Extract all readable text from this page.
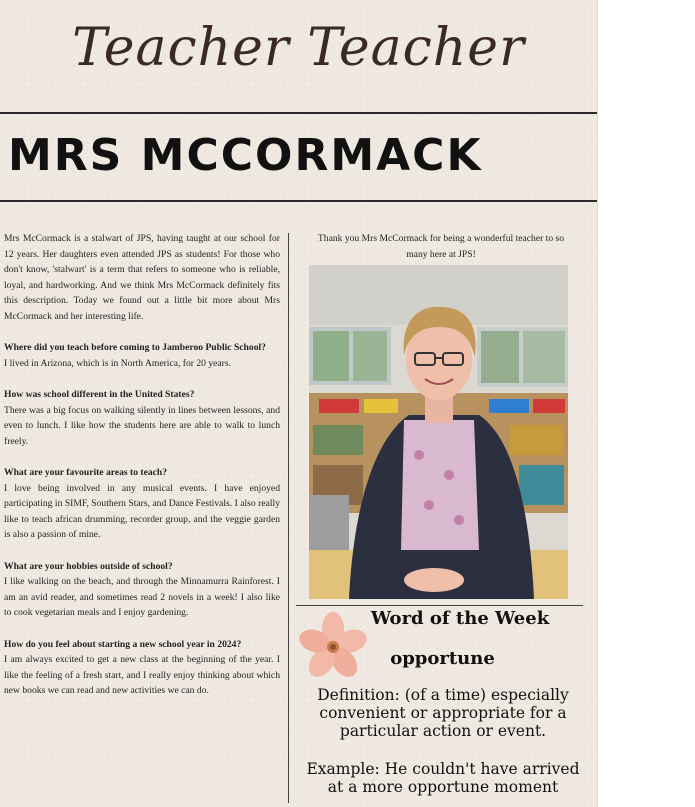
Teacher Teacher
MRS MCCORMACK

Mrs McCormack is a stalwart of JPS, having taught at our school for 12 years. Her daughters even attended JPS as students! For those who don't know, 'stalwart' is a term that refers to someone who is reliable, loyal, and hardworking. And we think Mrs McCormack definitely fits this description. Today we found out a little bit more about Mrs McCormack and her interesting life.

Where did you teach before coming to Jamberoo Public School?

I lived in Arizona, which is in North America, for 20 years.

How was school different in the United States?

There was a big focus on walking silently in lines between lessons, and even to lunch. I like how the students here are able to walk to lunch freely.

What are your favourite areas to teach?

I love being involved in any musical events. I have enjoyed participating in SIMF, Southern Stars, and Dance Festivals. I also really like to teach african drumming, recorder group, and the veggie garden is also a passion of mine.

What are your hobbies outside of school?

I like walking on the beach, and through the Minnamurra Rainforest. I am an avid reader, and sometimes read 2 novels in a week! I also like to cook vegetarian meals and I enjoy gardening.

How do you feel about starting a new school year in 2024?

I am always excited to get a new class at the beginning of the year. I like the feeling of a fresh start, and I really enjoy thinking about which new books we can read and new activities we can do.

Thank you Mrs McCormack for being a wonderful teacher to so many here at JPS!

Word of the Week
opportune
Definition: (of a time) especially convenient or appropriate for a particular action or event.
Example: He couldn't have arrived at a more opportune moment
